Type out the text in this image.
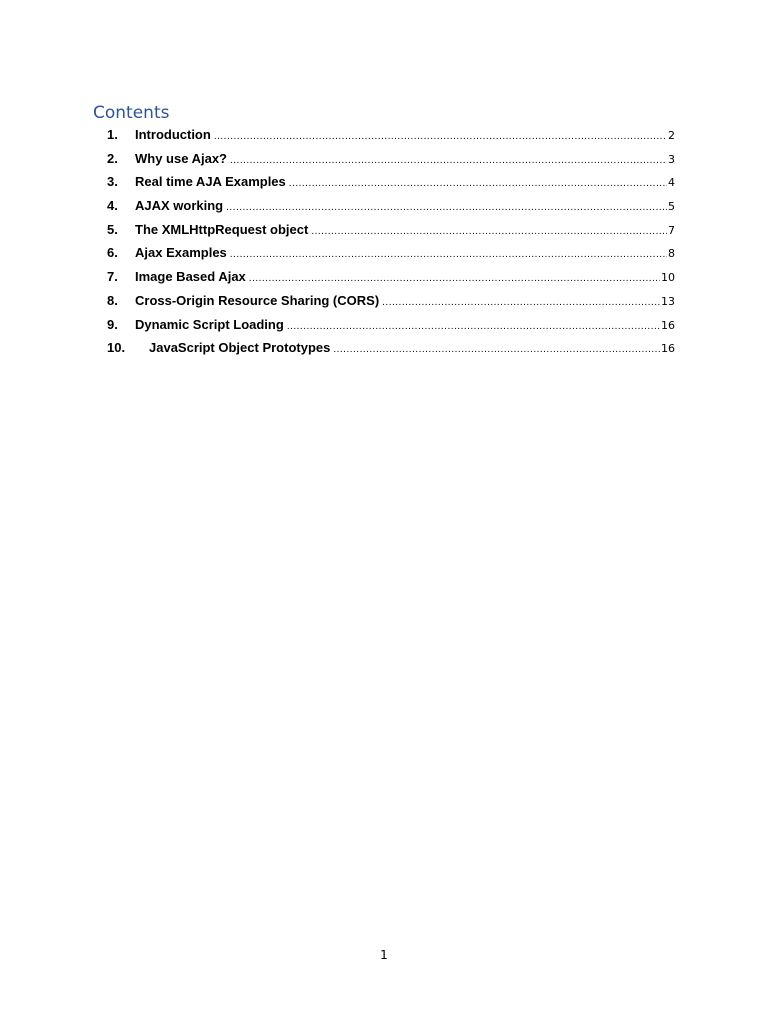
Contents
1.	Introduction .....	2
2.	Why use Ajax? .....	3
3.	Real time AJA Examples .....	4
4.	AJAX working .....	5
5.	The XMLHttpRequest object .....	7
6.	Ajax Examples .....	8
7.	Image Based Ajax .....	10
8.	Cross-Origin Resource Sharing (CORS) .....	13
9.	Dynamic Script Loading .....	16
10.	JavaScript Object Prototypes .....	16
1
